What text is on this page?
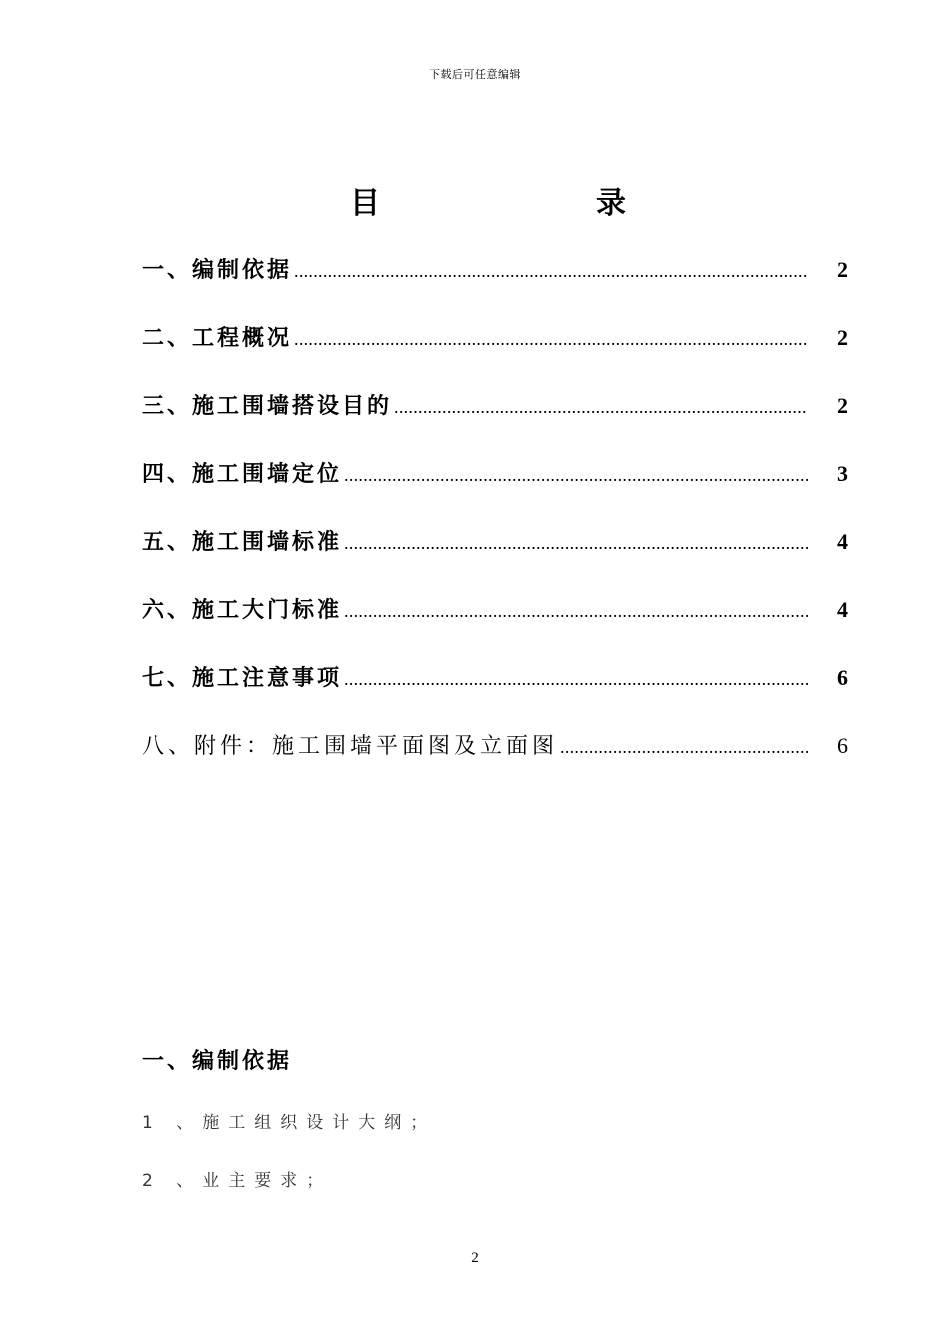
下载后可任意编辑
目	录
一、编制依据 .....	2
二、工程概况 .....	2
三、施工围墙搭设目的 .....	2
四、施工围墙定位 .....	3
五、施工围墙标准 .....	4
六、施工大门标准 .....	4
七、施工注意事项 .....	6
八、附件：施工围墙平面图及立面图 .....	6
一、编制依据
1 、施工组织设计大纲；
2 、业主要求；
2
